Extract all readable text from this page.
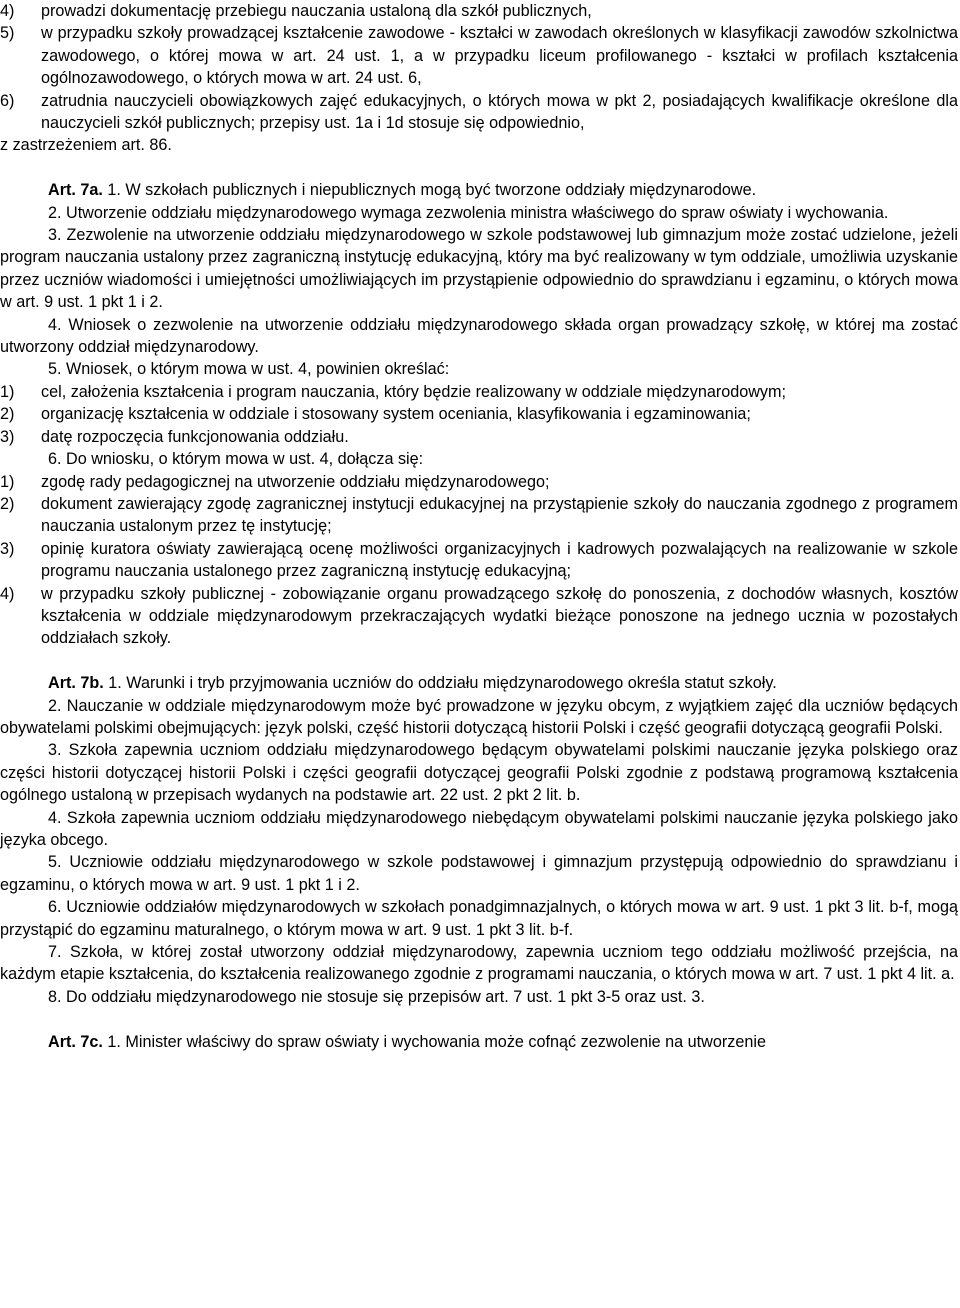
4)	prowadzi dokumentację przebiegu nauczania ustaloną dla szkół publicznych,
5)	w przypadku szkoły prowadzącej kształcenie zawodowe - kształci w zawodach określonych w klasyfikacji zawodów szkolnictwa zawodowego, o której mowa w art. 24 ust. 1, a w przypadku liceum profilowanego - kształci w profilach kształcenia ogólnozawodowego, o których mowa w art. 24 ust. 6,
6)	zatrudnia nauczycieli obowiązkowych zajęć edukacyjnych, o których mowa w pkt 2, posiadających kwalifikacje określone dla nauczycieli szkół publicznych; przepisy ust. 1a i 1d stosuje się odpowiednio,
z zastrzeżeniem art. 86.
Art. 7a. 1. W szkołach publicznych i niepublicznych mogą być tworzone oddziały międzynarodowe.
2. Utworzenie oddziału międzynarodowego wymaga zezwolenia ministra właściwego do spraw oświaty i wychowania.
3. Zezwolenie na utworzenie oddziału międzynarodowego w szkole podstawowej lub gimnazjum może zostać udzielone, jeżeli program nauczania ustalony przez zagraniczną instytucję edukacyjną, który ma być realizowany w tym oddziale, umożliwia uzyskanie przez uczniów wiadomości i umiejętności umożliwiających im przystąpienie odpowiednio do sprawdzianu i egzaminu, o których mowa w art. 9 ust. 1 pkt 1 i 2.
4. Wniosek o zezwolenie na utworzenie oddziału międzynarodowego składa organ prowadzący szkołę, w której ma zostać utworzony oddział międzynarodowy.
5. Wniosek, o którym mowa w ust. 4, powinien określać:
1)	cel, założenia kształcenia i program nauczania, który będzie realizowany w oddziale międzynarodowym;
2)	organizację kształcenia w oddziale i stosowany system oceniania, klasyfikowania i egzaminowania;
3)	datę rozpoczęcia funkcjonowania oddziału.
6. Do wniosku, o którym mowa w ust. 4, dołącza się:
1)	zgodę rady pedagogicznej na utworzenie oddziału międzynarodowego;
2)	dokument zawierający zgodę zagranicznej instytucji edukacyjnej na przystąpienie szkoły do nauczania zgodnego z programem nauczania ustalonym przez tę instytucję;
3)	opinię kuratora oświaty zawierającą ocenę możliwości organizacyjnych i kadrowych pozwalających na realizowanie w szkole programu nauczania ustalonego przez zagraniczną instytucję edukacyjną;
4)	w przypadku szkoły publicznej - zobowiązanie organu prowadzącego szkołę do ponoszenia, z dochodów własnych, kosztów kształcenia w oddziale międzynarodowym przekraczających wydatki bieżące ponoszone na jednego ucznia w pozostałych oddziałach szkoły.
Art. 7b. 1. Warunki i tryb przyjmowania uczniów do oddziału międzynarodowego określa statut szkoły.
2. Nauczanie w oddziale międzynarodowym może być prowadzone w języku obcym, z wyjątkiem zajęć dla uczniów będących obywatelami polskimi obejmujących: język polski, część historii dotyczącą historii Polski i część geografii dotyczącą geografii Polski.
3. Szkoła zapewnia uczniom oddziału międzynarodowego będącym obywatelami polskimi nauczanie języka polskiego oraz części historii dotyczącej historii Polski i części geografii dotyczącej geografii Polski zgodnie z podstawą programową kształcenia ogólnego ustaloną w przepisach wydanych na podstawie art. 22 ust. 2 pkt 2 lit. b.
4. Szkoła zapewnia uczniom oddziału międzynarodowego niebędącym obywatelami polskimi nauczanie języka polskiego jako języka obcego.
5. Uczniowie oddziału międzynarodowego w szkole podstawowej i gimnazjum przystępują odpowiednio do sprawdzianu i egzaminu, o których mowa w art. 9 ust. 1 pkt 1 i 2.
6. Uczniowie oddziałów międzynarodowych w szkołach ponadgimnazjalnych, o których mowa w art. 9 ust. 1 pkt 3 lit. b-f, mogą przystąpić do egzaminu maturalnego, o którym mowa w art. 9 ust. 1 pkt 3 lit. b-f.
7. Szkoła, w której został utworzony oddział międzynarodowy, zapewnia uczniom tego oddziału możliwość przejścia, na każdym etapie kształcenia, do kształcenia realizowanego zgodnie z programami nauczania, o których mowa w art. 7 ust. 1 pkt 4 lit. a.
8. Do oddziału międzynarodowego nie stosuje się przepisów art. 7 ust. 1 pkt 3-5 oraz ust. 3.
Art. 7c. 1. Minister właściwy do spraw oświaty i wychowania może cofnąć zezwolenie na utworzenie
